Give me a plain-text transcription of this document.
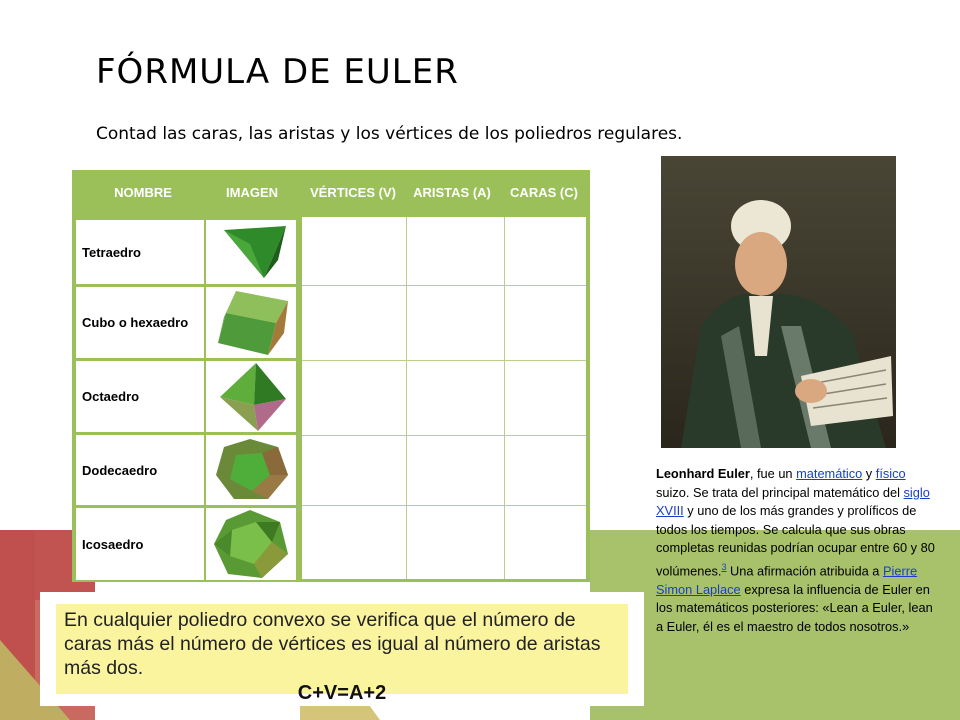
FÓRMULA DE EULER

Contad las caras, las aristas y los vértices de los poliedros regulares.

NOMBRE	IMAGEN	VÉRTICES (V)	ARISTAS (A)	CARAS (C)
Tetraedro
Cubo o hexaedro
Octaedro
Dodecaedro
Icosaedro
Leonhard Euler, fue un matemático y físico suizo. Se trata del principal matemático del siglo XVIII y uno de los más grandes y prolíficos de todos los tiempos. Se calcula que sus obras completas reunidas podrían ocupar entre 60 y 80 volúmenes.$^3$ Una afirmación atribuida a Pierre Simon Laplace expresa la influencia de Euler en los matemáticos posteriores: «Lean a Euler, lean a Euler, él es el maestro de todos nosotros.»
En cualquier poliedro convexo se verifica que el número de caras más el número de vértices es igual al número de aristas más dos.
C+V=A+2
